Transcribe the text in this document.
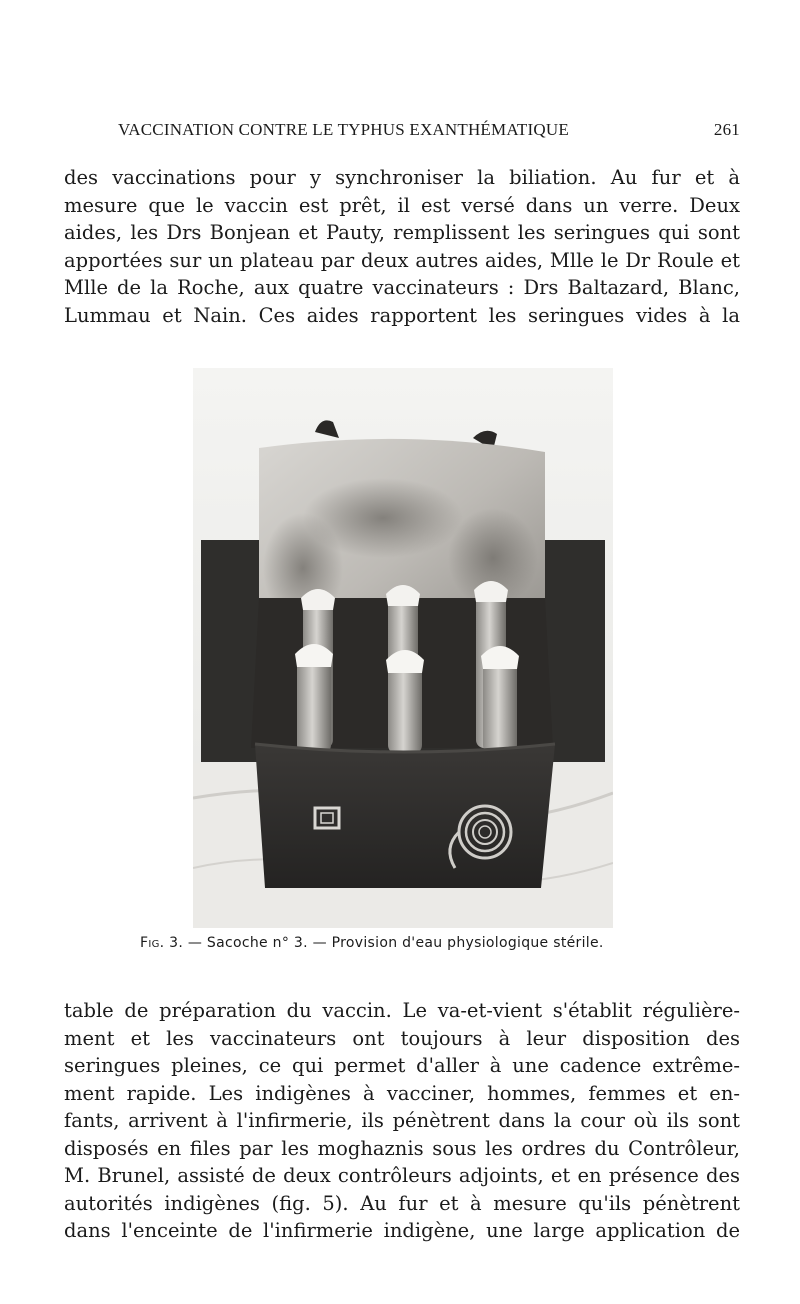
VACCINATION CONTRE LE TYPHUS EXANTHÉMATIQUE	261
des vaccinations pour y synchroniser la biliation. Au fur et à
mesure que le vaccin est prêt, il est versé dans un verre. Deux
aides, les Drs Bonjean et Pauty, remplissent les seringues qui sont
apportées sur un plateau par deux autres aides, Mlle le Dr Roule et
Mlle de la Roche, aux quatre vaccinateurs : Drs Baltazard, Blanc,
Lummau et Nain. Ces aides rapportent les seringues vides à la
Fig. 3. — Sacoche n° 3. — Provision d'eau physiologique stérile.
table de préparation du vaccin. Le va-et-vient s'établit régulière-
ment et les vaccinateurs ont toujours à leur disposition des
seringues pleines, ce qui permet d'aller à une cadence extrême-
ment rapide. Les indigènes à vacciner, hommes, femmes et en-
fants, arrivent à l'infirmerie, ils pénètrent dans la cour où ils sont
disposés en files par les moghaznis sous les ordres du Contrôleur,
M. Brunel, assisté de deux contrôleurs adjoints, et en présence des
autorités indigènes (fig. 5). Au fur et à mesure qu'ils pénètrent
dans l'enceinte de l'infirmerie indigène, une large application de
